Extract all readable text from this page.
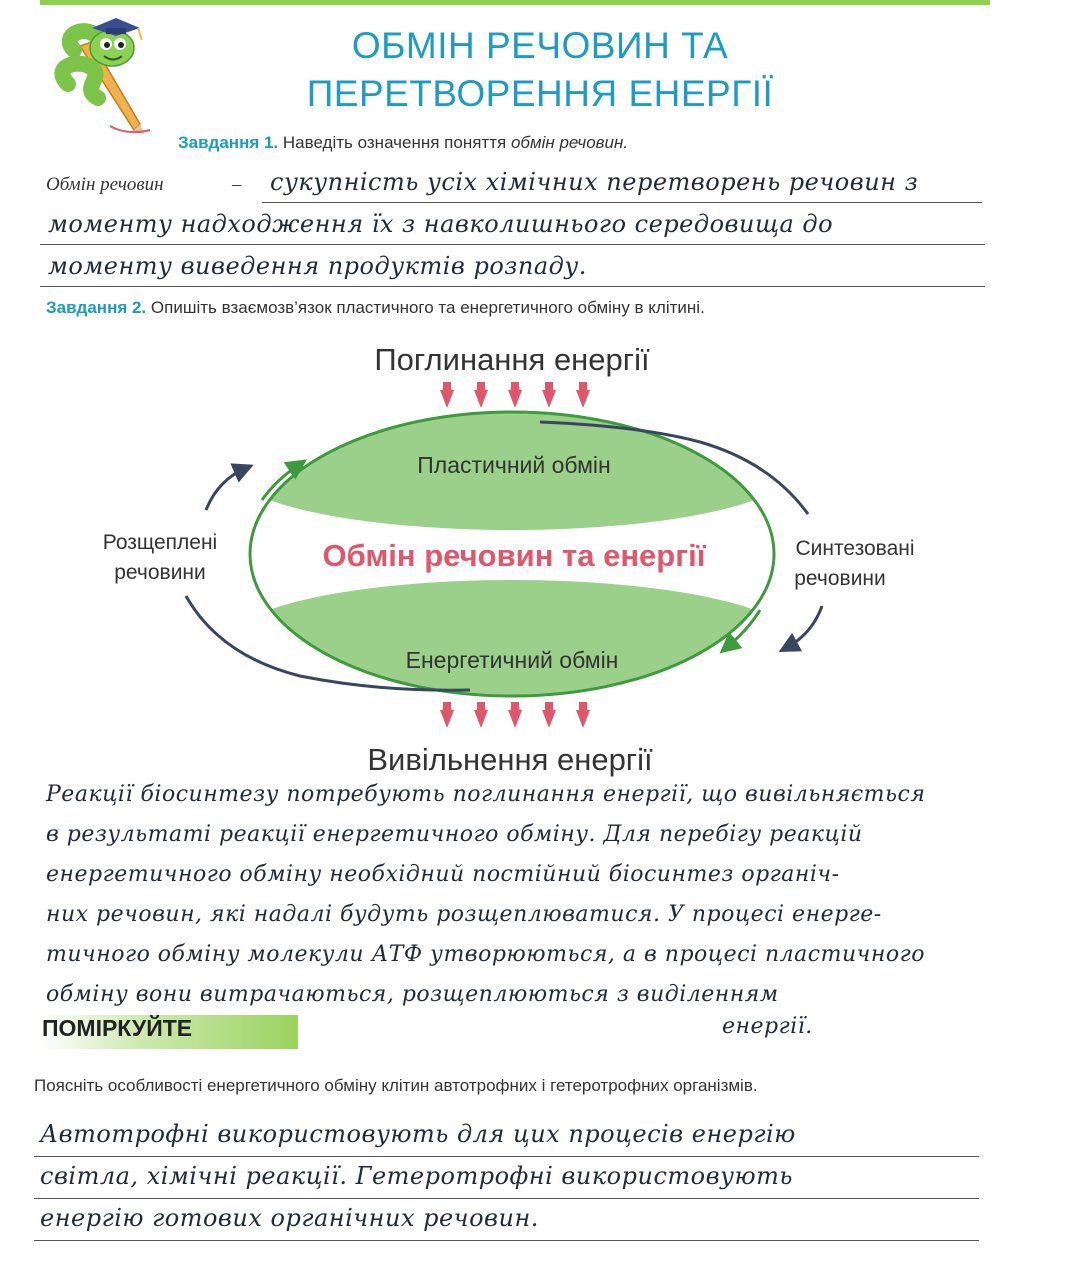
ОБМІН РЕЧОВИН ТА
ПЕРЕТВОРЕННЯ ЕНЕРГІЇ
Завдання 1. Наведіть означення поняття обмін речовин.
Обмін речовин	– сукупність усіх хімічних перетворень речовин з
моменту надходження їх з навколишнього середовища до
моменту виведення продуктів розпаду.
Завдання 2. Опишіть взаємозв’язок пластичного та енергетичного обміну в клітині.
Поглинання енергії
Пластичний обмін
Обмін речовин та енергії
Енергетичний обмін
Розщеплені
речовини
Синтезовані
речовини
Вивільнення енергії
Реакції біосинтезу потребують поглинання енергії, що вивільняється
в результаті реакції енергетичного обміну. Для перебігу реакцій
енергетичного обміну необхідний постійний біосинтез органіч-
них речовин, які надалі будуть розщеплюватися. У процесі енерге-
тичного обміну молекули АТФ утворюються, а в процесі пластичного
обміну вони витрачаються, розщеплюються з виділенням
енергії.
ПОМІРКУЙТЕ
Поясніть особливості енергетичного обміну клітин автотрофних і гетеротрофних організмів.
Автотрофні використовують для цих процесів енергію
світла, хімічні реакції. Гетеротрофні використовують
енергію готових органічних речовин.
